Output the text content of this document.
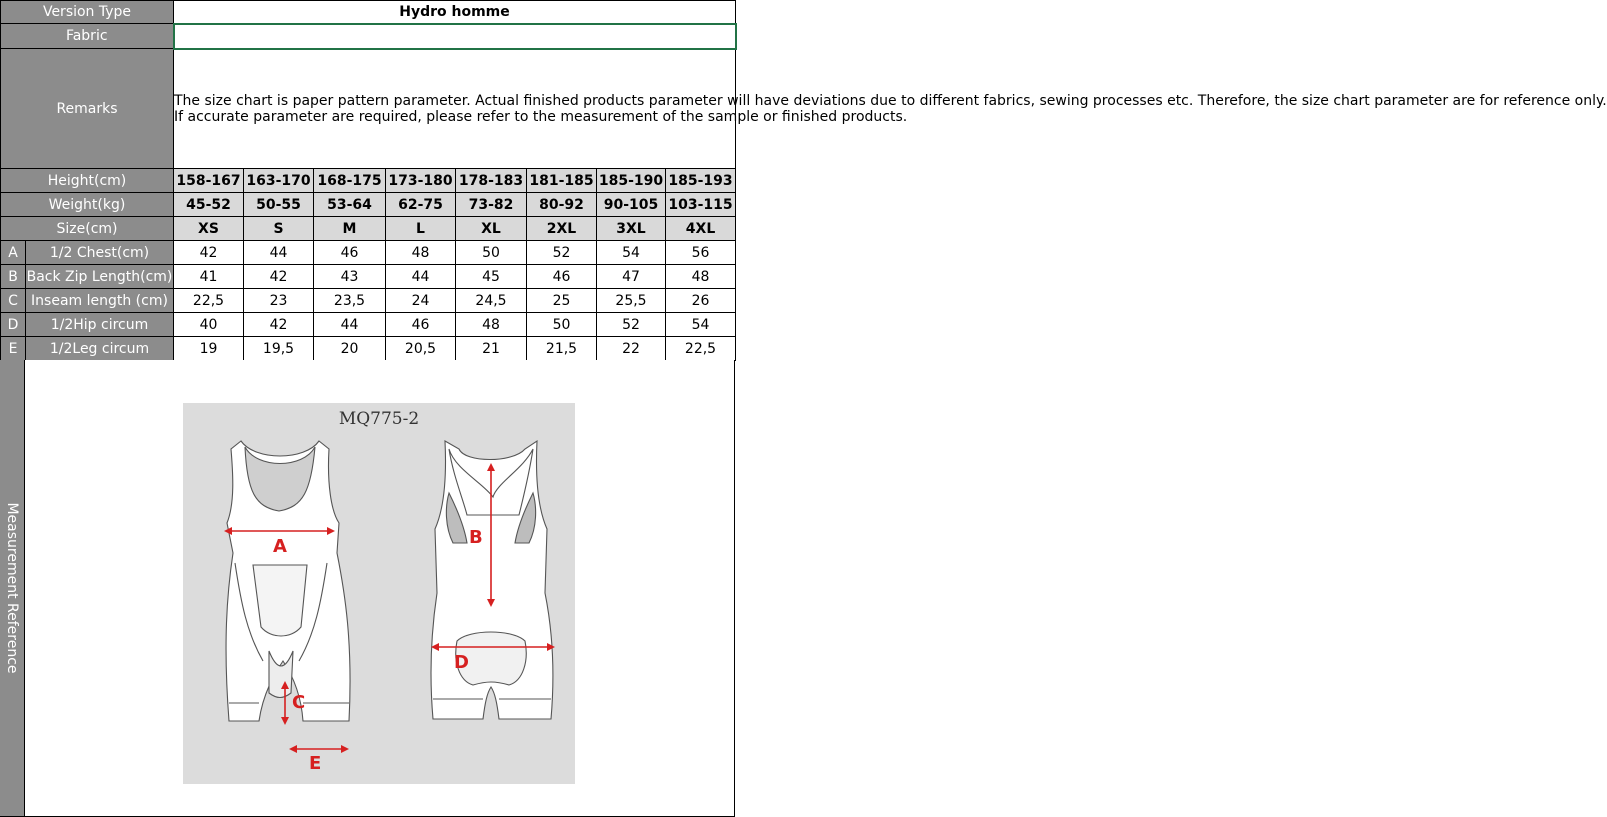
Version Type		Hydro homme							
Fabric									
Remarks		The size chart is paper pattern parameter. Actual finished products parameter will have deviations due to different fabrics, sewing processes etc. Therefore, the size chart parameter are for reference only.

If accurate parameter are required, please refer to the measurement of the sample or finished products.							

Height(cm)		158-167	163-170	168-175	173-180	178-183	181-185	185-190	185-193
Weight(kg)		45-52	50-55	53-64	62-75	73-82	80-92	90-105	103-115
Size(cm)		XS	S	M	L	XL	2XL	3XL	4XL
A	1/2 Chest(cm)	42	44	46	48	50	52	54	56
B	Back Zip Length(cm)	41	42	43	44	45	46	47	48
C	Inseam length (cm)	22,5	23	23,5	24	24,5	25	25,5	26
D	1/2Hip circum	40	42	44	46	48	50	52	54
E	1/2Leg circum	19	19,5	20	20,5	21	21,5	22	22,5
Measurement Reference
MQ775-2
A	B
C
D
E
